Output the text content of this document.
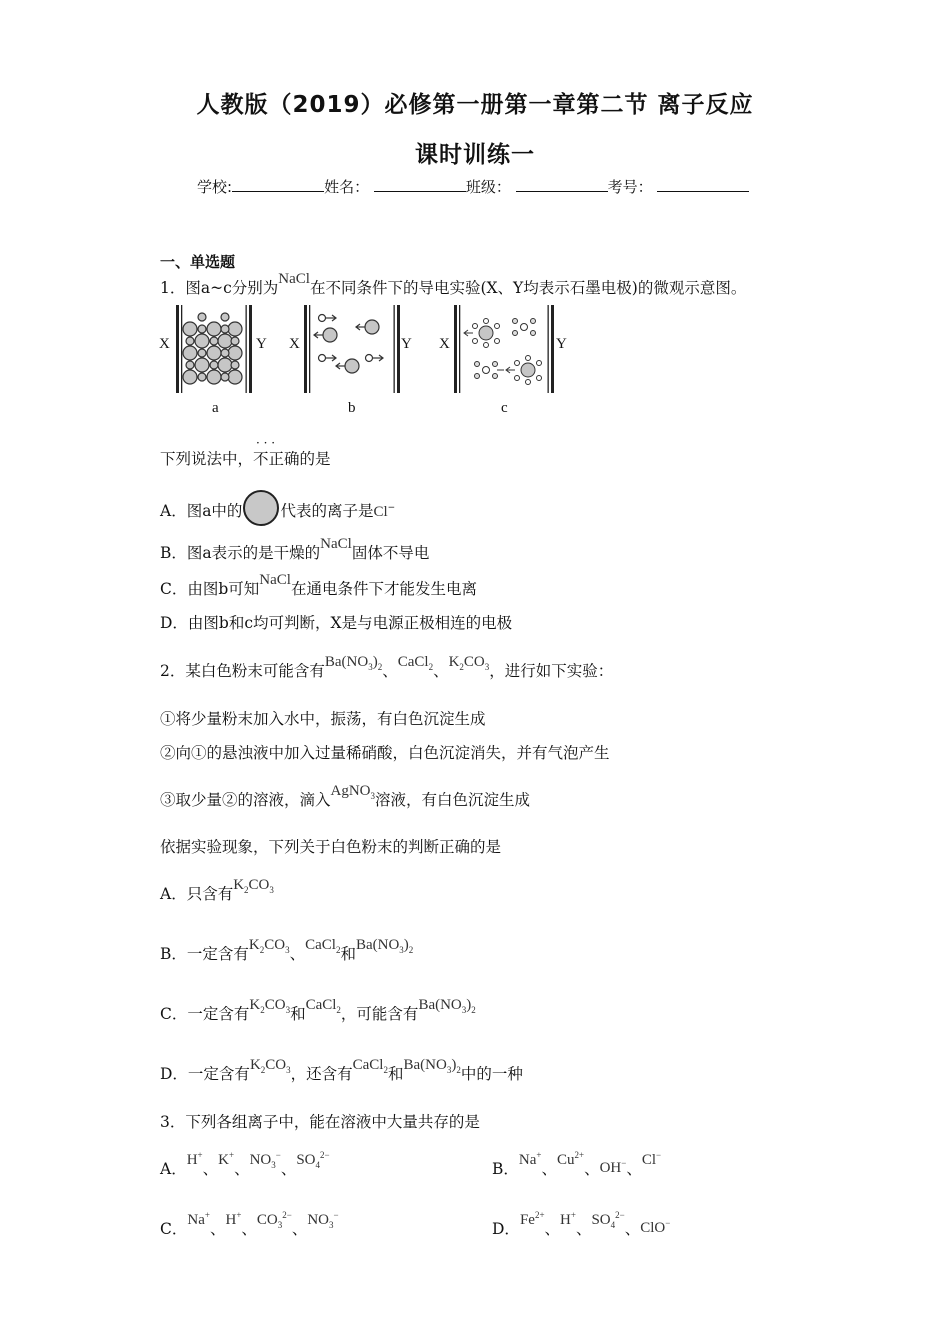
人教版（2019）必修第一册第一章第二节 离子反应
课时训练一
学校:	姓名：	班级：	考号：
一、单选题
1．图a~c分别为NaCl在不同条件下的导电实验(X、Y均表示石墨电极)的微观示意图。
X	Y
a
X	Y
b
X	Y
c
下列说法中，· · · 不正确的是
A．图a中的 代表的离子是Cl−
B．图a表示的是干燥的NaCl固体不导电
C．由图b可知NaCl在通电条件下才能发生电离
D．由图b和c均可判断，X是与电源正极相连的电极
2．某白色粉末可能含有$Ba(NO_3)_2$、CaCl$_2$、$K_2CO_3$，进行如下实验：
①将少量粉末加入水中，振荡，有白色沉淀生成
②向①的悬浊液中加入过量稀硝酸，白色沉淀消失，并有气泡产生
③取少量②的溶液，滴入AgNO$_3$溶液，有白色沉淀生成
依据实验现象，下列关于白色粉末的判断正确的是
A．只含有$K_2CO_3$
B．一定含有$K_2CO_3$、CaCl$_2$和$Ba(NO_3)_2$
C．一定含有$K_2CO_3$和CaCl$_2$，可能含有$Ba(NO_3)_2$
D．一定含有$K_2CO_3$，还含有CaCl$_2$和$Ba(NO_3)_2$中的一种
3．下列各组离子中，能在溶液中大量共存的是
A．H+、K+、$NO_3^-$、$SO_4^{2-}$
B．Na+、$Cu^{2+}$、OH−、Cl−
C．Na+、H+、$CO_3^{2-}$、$NO_3^-$
D．$Fe^{2+}$、H+、$SO_4^{2-}$、ClO−
